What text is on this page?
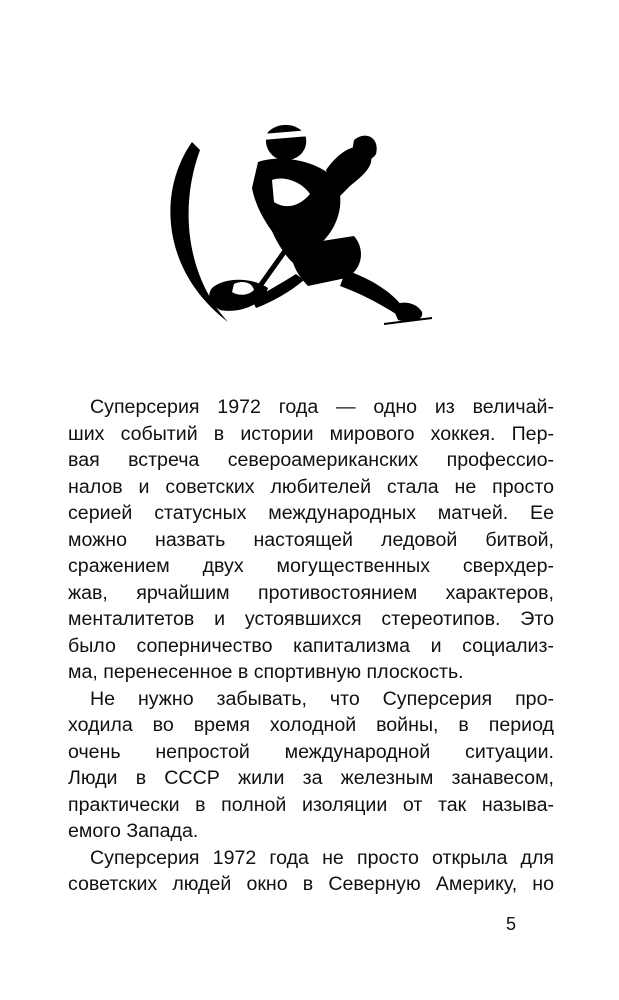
Суперсерия 1972 года — одно из величай-
ших событий в истории мирового хоккея. Пер-
вая встреча североамериканских профессио-
налов и советских любителей стала не просто
серией статусных международных матчей. Ее
можно назвать настоящей ледовой битвой,
сражением двух могущественных сверхдер-
жав, ярчайшим противостоянием характеров,
менталитетов и устоявшихся стереотипов. Это
было соперничество капитализма и социализ-
ма, перенесенное в спортивную плоскость.
Не нужно забывать, что Суперсерия про-
ходила во время холодной войны, в период
очень непростой международной ситуации.
Люди в СССР жили за железным занавесом,
практически в полной изоляции от так называ-
емого Запада.
Суперсерия 1972 года не просто открыла для
советских людей окно в Северную Америку, но
5
